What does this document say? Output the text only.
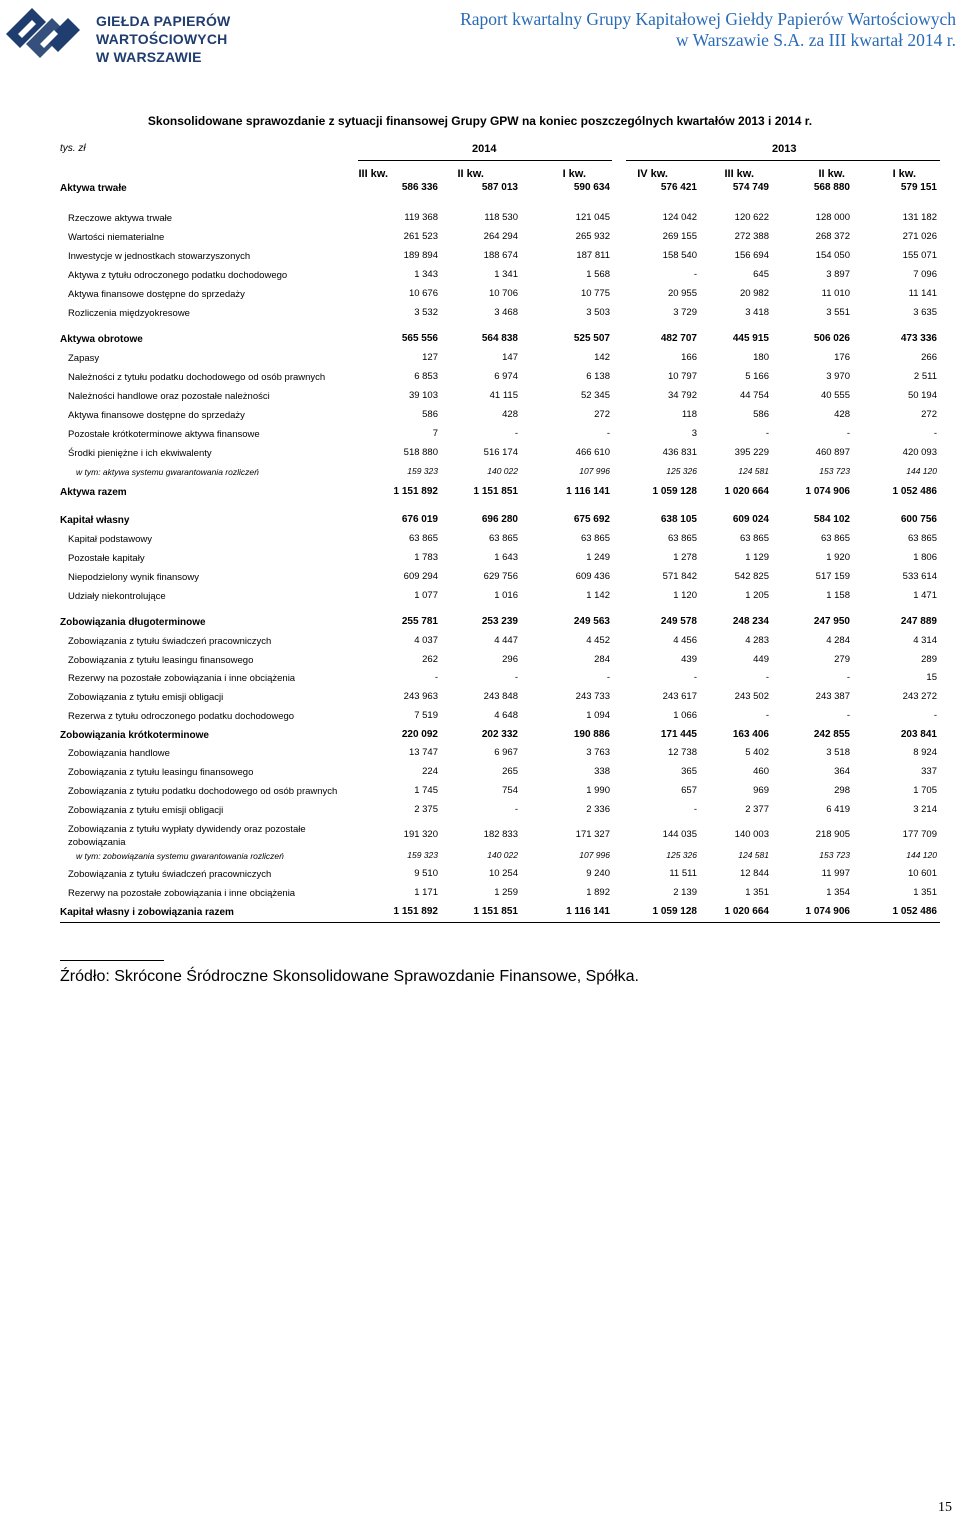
GIEŁDA PAPIERÓW
WARTOŚCIOWYCH
W WARSZAWIE
Raport kwartalny Grupy Kapitałowej Giełdy Papierów Wartościowych
w Warszawie S.A. za III kwartał 2014 r.
Skonsolidowane sprawozdanie z sytuacji finansowej Grupy GPW na koniec poszczególnych kwartałów 2013 i 2014 r.
tys. zł	2014	2013
III kw.	II kw.	I kw.	IV kw.	III kw.	II kw.	I kw.
Aktywa trwałe	586 336	587 013	590 634	576 421	574 749	568 880	579 151
Rzeczowe aktywa trwałe	119 368	118 530	121 045	124 042	120 622	128 000	131 182
Wartości niematerialne	261 523	264 294	265 932	269 155	272 388	268 372	271 026
Inwestycje w jednostkach stowarzyszonych	189 894	188 674	187 811	158 540	156 694	154 050	155 071
Aktywa z tytułu odroczonego podatku dochodowego	1 343	1 341	1 568	-	645	3 897	7 096
Aktywa finansowe dostępne do sprzedaży	10 676	10 706	10 775	20 955	20 982	11 010	11 141
Rozliczenia międzyokresowe	3 532	3 468	3 503	3 729	3 418	3 551	3 635
Aktywa obrotowe	565 556	564 838	525 507	482 707	445 915	506 026	473 336
Zapasy	127	147	142	166	180	176	266
Należności z tytułu podatku dochodowego od osób prawnych	6 853	6 974	6 138	10 797	5 166	3 970	2 511
Należności handlowe oraz pozostałe należności	39 103	41 115	52 345	34 792	44 754	40 555	50 194
Aktywa finansowe dostępne do sprzedaży	586	428	272	118	586	428	272
Pozostałe krótkoterminowe aktywa finansowe	7	-	-	3	-	-	-
Środki pieniężne i ich ekwiwalenty	518 880	516 174	466 610	436 831	395 229	460 897	420 093
w tym: aktywa systemu gwarantowania rozliczeń	159 323	140 022	107 996	125 326	124 581	153 723	144 120
Aktywa razem	1 151 892	1 151 851	1 116 141	1 059 128	1 020 664	1 074 906	1 052 486
Kapitał własny	676 019	696 280	675 692	638 105	609 024	584 102	600 756
Kapitał podstawowy	63 865	63 865	63 865	63 865	63 865	63 865	63 865
Pozostałe kapitały	1 783	1 643	1 249	1 278	1 129	1 920	1 806
Niepodzielony wynik finansowy	609 294	629 756	609 436	571 842	542 825	517 159	533 614
Udziały niekontrolujące	1 077	1 016	1 142	1 120	1 205	1 158	1 471
Zobowiązania długoterminowe	255 781	253 239	249 563	249 578	248 234	247 950	247 889
Zobowiązania z tytułu świadczeń pracowniczych	4 037	4 447	4 452	4 456	4 283	4 284	4 314
Zobowiązania z tytułu leasingu finansowego	262	296	284	439	449	279	289
Rezerwy na pozostałe zobowiązania i inne obciążenia	-	-	-	-	-	-	15
Zobowiązania z tytułu emisji obligacji	243 963	243 848	243 733	243 617	243 502	243 387	243 272
Rezerwa z tytułu odroczonego podatku dochodowego	7 519	4 648	1 094	1 066	-	-	-
Zobowiązania krótkoterminowe	220 092	202 332	190 886	171 445	163 406	242 855	203 841
Zobowiązania handlowe	13 747	6 967	3 763	12 738	5 402	3 518	8 924
Zobowiązania z tytułu leasingu finansowego	224	265	338	365	460	364	337
Zobowiązania z tytułu podatku dochodowego od osób prawnych	1 745	754	1 990	657	969	298	1 705
Zobowiązania z tytułu emisji obligacji	2 375	-	2 336	-	2 377	6 419	3 214
Zobowiązania z tytułu wypłaty dywidendy oraz pozostałe zobowiązania
191 320	182 833	171 327	144 035	140 003	218 905	177 709
w tym: zobowiązania systemu gwarantowania rozliczeń	159 323	140 022	107 996	125 326	124 581	153 723	144 120
Zobowiązania z tytułu świadczeń pracowniczych	9 510	10 254	9 240	11 511	12 844	11 997	10 601
Rezerwy na pozostałe zobowiązania i inne obciążenia	1 171	1 259	1 892	2 139	1 351	1 354	1 351
Kapitał własny i zobowiązania razem	1 151 892	1 151 851	1 116 141	1 059 128	1 020 664	1 074 906	1 052 486
Źródło: Skrócone Śródroczne Skonsolidowane Sprawozdanie Finansowe, Spółka.
15
